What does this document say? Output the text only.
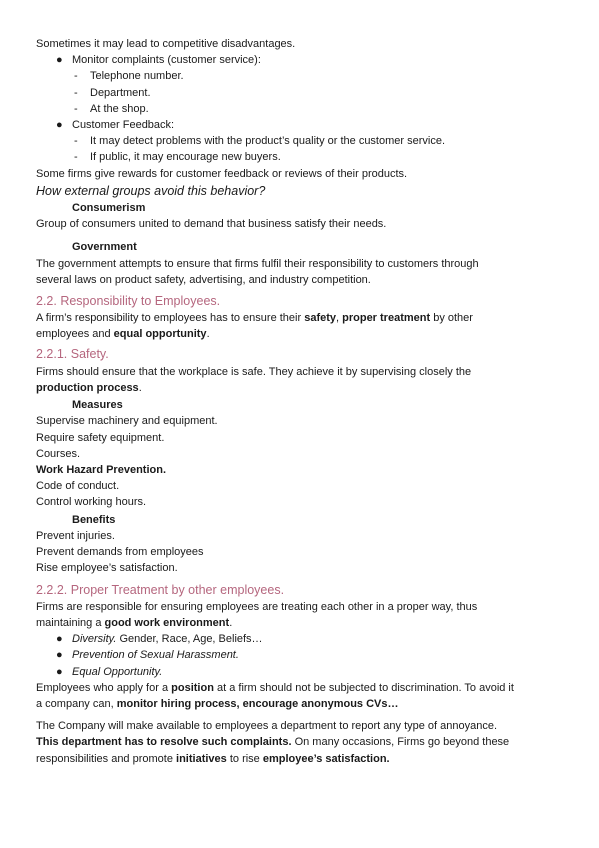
Sometimes it may lead to competitive disadvantages.

● Monitor complaints (customer service):

- Telephone number.

- Department.

- At the shop.

● Customer Feedback:

- It may detect problems with the product’s quality or the customer service.

- If public, it may encourage new buyers.

Some firms give rewards for customer feedback or reviews of their products.

How external groups avoid this behavior?

Consumerism

Group of consumers united to demand that business satisfy their needs.

Government

The government attempts to ensure that firms fulfil their responsibility to customers through
several laws on product safety, advertising, and industry competition.

2.2. Responsibility to Employees.

A firm’s responsibility to employees has to ensure their safety, proper treatment by other
employees and equal opportunity.

2.2.1. Safety.

Firms should ensure that the workplace is safe. They achieve it by supervising closely the
production process.

Measures

Supervise machinery and equipment.

Require safety equipment.

Courses.

Work Hazard Prevention.

Code of conduct.

Control working hours.

Benefits

Prevent injuries.

Prevent demands from employees

Rise employee’s satisfaction.

2.2.2. Proper Treatment by other employees.

Firms are responsible for ensuring employees are treating each other in a proper way, thus
maintaining a good work environment.

● Diversity. Gender, Race, Age, Beliefs…

● Prevention of Sexual Harassment.

● Equal Opportunity.

Employees who apply for a position at a firm should not be subjected to discrimination. To avoid it
a company can, monitor hiring process, encourage anonymous CVs…

The Company will make available to employees a department to report any type of annoyance.
This department has to resolve such complaints. On many occasions, Firms go beyond these
responsibilities and promote initiatives to rise employee’s satisfaction.
